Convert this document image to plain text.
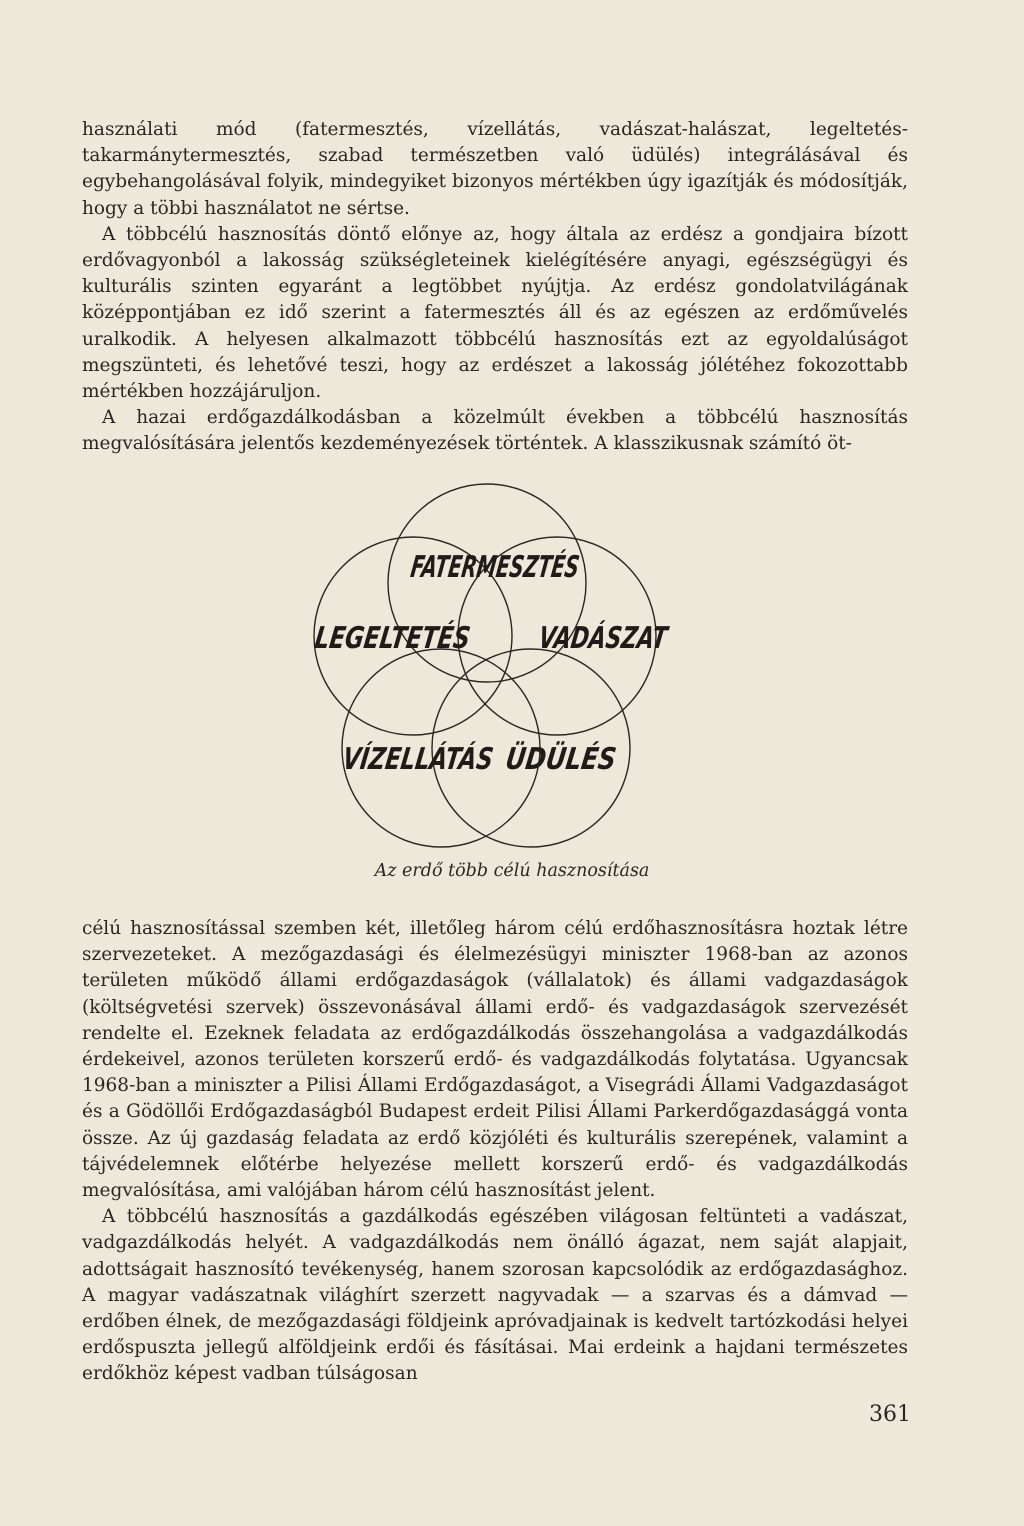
használati mód (fatermesztés, vízellátás, vadászat-halászat, legeltetés-takarmánytermesztés, szabad természetben való üdülés) integrálásával és egybehangolásával folyik, mindegyiket bizonyos mértékben úgy igazítják és módosítják, hogy a többi használatot ne sértse.

A többcélú hasznosítás döntő előnye az, hogy általa az erdész a gondjaira bízott erdővagyonból a lakosság szükségleteinek kielégítésére anyagi, egészségügyi és kulturális szinten egyaránt a legtöbbet nyújtja. Az erdész gondolatvilágának középpontjában ez idő szerint a fatermesztés áll és az egészen az erdőművelés uralkodik. A helyesen alkalmazott többcélú hasznosítás ezt az egyoldalúságot megszünteti, és lehetővé teszi, hogy az erdészet a lakosság jólétéhez fokozottabb mértékben hozzájáruljon.

A hazai erdőgazdálkodásban a közelmúlt években a többcélú hasznosítás megvalósítására jelentős kezdeményezések történtek. A klasszikusnak számító öt-

FATERMESZTÉS
LEGELTETÉS VADÁSZAT
VÍZELLÁTÁS
ÜDÜLÉS
Az erdő több célú hasznosítása

célú hasznosítással szemben két, illetőleg három célú erdőhasznosításra hoztak létre szervezeteket. A mezőgazdasági és élelmezésügyi miniszter 1968-ban az azonos területen működő állami erdőgazdaságok (vállalatok) és állami vadgazdaságok (költségvetési szervek) összevonásával állami erdő- és vadgazdaságok szervezését rendelte el. Ezeknek feladata az erdőgazdálkodás összehangolása a vadgazdálkodás érdekeivel, azonos területen korszerű erdő- és vadgazdálkodás folytatása. Ugyancsak 1968-ban a miniszter a Pilisi Állami Erdőgazdaságot, a Visegrádi Állami Vadgazdaságot és a Gödöllői Erdőgazdaságból Budapest erdeit Pilisi Állami Parkerdőgazdasággá vonta össze. Az új gazdaság feladata az erdő közjóléti és kulturális szerepének, valamint a tájvédelemnek előtérbe helyezése mellett korszerű erdő- és vadgazdálkodás megvalósítása, ami valójában három célú hasznosítást jelent.

A többcélú hasznosítás a gazdálkodás egészében világosan feltünteti a vadászat, vadgazdálkodás helyét. A vadgazdálkodás nem önálló ágazat, nem saját alapjait, adottságait hasznosító tevékenység, hanem szorosan kapcsolódik az erdőgazdasághoz. A magyar vadászatnak világhírt szerzett nagyvadak — a szarvas és a dámvad — erdőben élnek, de mezőgazdasági földjeink apróvadjainak is kedvelt tartózkodási helyei erdőspuszta jellegű alföldjeink erdői és fásításai. Mai erdeink a hajdani természetes erdőkhöz képest vadban túlságosan

361
